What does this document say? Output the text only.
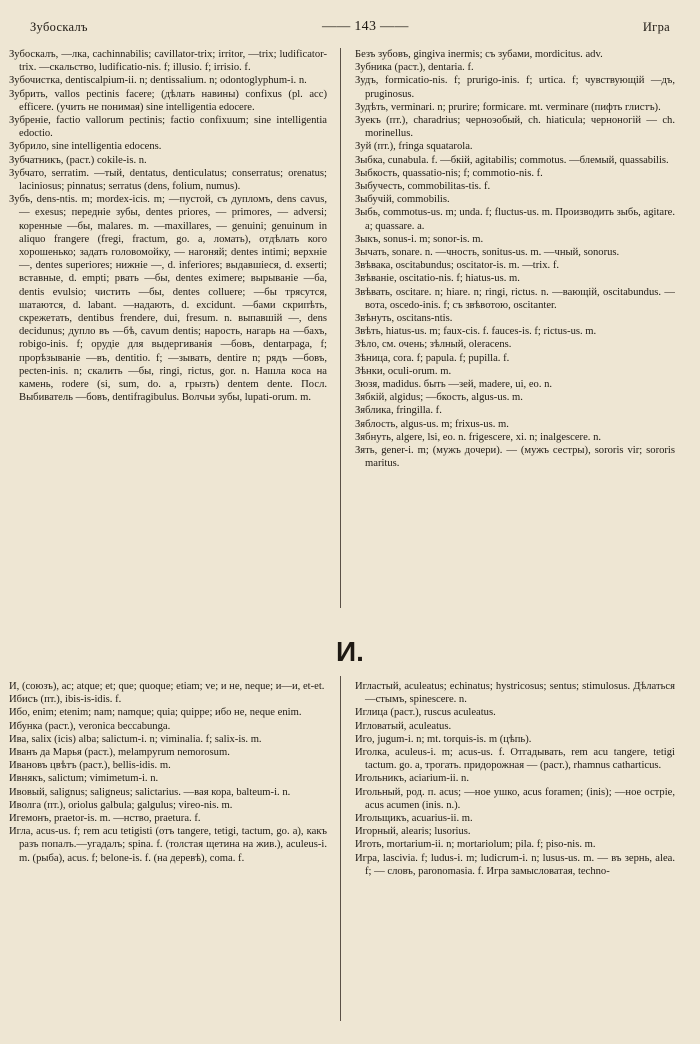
Зубоскалъ	—— 143 ——	Игра

Зубоскалъ, —лка, cachinnabilis; cavillator-trix; irritor, —trix; ludificator-trix. —скальство, ludificatio-nis. f; illusio. f; irrisio. f.

Зубочистка, dentiscalpium-ii. n; dentissalium. n; odontoglyphum-i. n.

Зубрить, vallos pectinis facere; (дѣлать навины) confixus (pl. acc) efficere. (учить не понимая) sine intelligentia edocere.

Зубреніе, factio vallorum pectinis; factio confixuum; sine intelligentia edoctio.

Зубрило, sine intelligentia edocens.

Зубчатникъ, (раст.) cokile-is. n.

Зубчато, serratim. —тый, dentatus, denticulatus; conserratus; orenatus; laciniosus; pinnatus; serratus (dens, folium, numus).

Зубъ, dens-ntis. m; mordex-icis. m; —пустой, съ дупломъ, dens cavus, — exesus; передніе зубы, dentes priores, — primores, — adversi; коренные —бы, malares. m. —maxillares, — genuini; genuinum in aliquo frangere (fregi, fractum, go. a, ломать), отдѣлать кого хорошенько; задать головомойку, — нагоняй; dentes intimi; верхніе —, dentes superiores; нижніе —, d. inferiores; выдавшіеся, d. exserti; вставные, d. empti; рвать —бы, dentes eximere; вырываніе —ба, dentis evulsio; чистить —бы, dentes colluere; —бы трясутся, шатаются, d. labant. —надають, d. excidunt. —бами скрипѣть, скрежетать, dentibus frendere, dui, fresum. n. выпавшій —, dens decidunus; дупло въ —бѣ, cavum dentis; нарость, нагарь на —бахъ, robigo-inis. f; орудіе для выдергиванія —бовъ, dentarpaga, f; прорѣзываніе —въ, dentitio. f; —зывать, dentire n; рядъ —бовъ, pecten-inis. n; скалить —бы, ringi, rictus, gor. n. Нашла коса на камень, rodere (si, sum, do. a, грызть) dentem dente. Посл. Выбиватель —бовъ, dentifragibulus. Волчьи зубы, lupati-orum. m.

Безъ зубовъ, gingiva inermis; съ зубами, mordicitus. adv.

Зубника (раст.), dentaria. f.

Зудъ, formicatio-nis. f; prurigo-inis. f; urtica. f; чувствующій —дъ, pruginosus.

Зудѣть, verminari. n; prurire; formicare. mt. verminare (пифть глистъ).

Зуекъ (пт.), charadrius; черноэобый, ch. hiaticula; черноногій — ch. morinellus.

Зуй (пт.), fringa squatarola.

Зыбка, cunabula. f. —бкій, agitabilis; commotus. —блемый, quassabilis.

Зыбкость, quassatio-nis; f; commotio-nis. f.

Зыбучесть, commobilitas-tis. f.

Зыбучій, commobilis.

Зыбь, commotus-us. m; unda. f; fluctus-us. m. Производить зыбь, agitare. a; quassare. a.

Зыкъ, sonus-i. m; sonor-is. m.

Зычать, sonare. n. —чность, sonitus-us. m. —чный, sonorus.

Звѣвака, oscitabundus; oscitator-is. m. —trix. f.

Звѣваніе, oscitatio-nis. f; hiatus-us. m.

Звѣвать, oscitare. n; hiare. n; ringi, rictus. n. —вающій, oscitabundus. —вота, oscedo-inis. f; съ звѣвотою, oscitanter.

Звѣнуть, oscitans-ntis.

Звѣть, hiatus-us. m; faux-cis. f. fauces-is. f; rictus-us. m.

Зѣло, см. очень; зѣлный, oleracens.

Зѣница, cora. f; papula. f; pupilla. f.

Зѣнки, oculi-orum. m.

Зюзя, madidus. быть —зей, madere, ui, eo. n.

Зябкій, algidus; —бкость, algus-us. m.

Зяблика, fringilla. f.

Зяблость, algus-us. m; frixus-us. m.

Зябнуть, algere, lsi, eo. n. frigescere, xi. n; inalgescere. n.

Зять, gener-i. m; (мужъ дочери). — (мужъ сестры), sororis vir; sororis maritus.

И.

И, (союзъ), ac; atque; et; que; quoque; etiam; ve; и не, neque; и—и, et-et.

Ибисъ (пт.), ibis-is-idis. f.

Ибо, enim; etenim; nam; namque; quia; quippe; ибо не, neque enim.

Ибунка (раст.), veronica beccabunga.

Ива, salix (icis) alba; salictum-i. n; viminalia. f; salix-is. m.

Иванъ да Марья (раст.), melampyrum nemorosum.

Ивановъ цвѣтъ (раст.), bellis-idis. m.

Ивнякъ, salictum; vimimetum-i. n.

Ивовый, salignus; saligneus; salictarius. —вая кора, balteum-i. n.

Иволга (пт.), oriolus galbula; galgulus; vireo-nis. m.

Игемонъ, praetor-is. m. —нство, praetura. f.

Игла, acus-us. f; rem acu tetigisti (отъ tangere, tetigi, tactum, go. a), какъ разъ попалъ.—угадалъ; spina. f. (толстая щетина на жив.), aculeus-i. m. (рыба), acus. f; belone-is. f. (на деревѣ), coma. f.

Игластый, aculeatus; echinatus; hystricosus; sentus; stimulosus. Дѣлаться —стымъ, spinescere. n.

Иглица (раст.), ruscus aculeatus.

Игловатый, aculeatus.

Иго, jugum-i. n; mt. torquis-is. m (цѣпь).

Иголка, aculeus-i. m; acus-us. f. Отгадывать, rem acu tangere, tetigi tactum. go. a, трогать. придорожная — (раст.), rhamnus catharticus.

Игольникъ, aciarium-ii. n.

Игольный, род. п. acus; —ное ушко, acus foramen; (inis); —ное остріе, acus acumen (inis. n.).

Игольщикъ, acuarius-ii. m.

Игорный, alearis; lusorius.

Иготь, mortarium-ii. n; mortariolum; pila. f; piso-nis. m.

Игра, lascivia. f; ludus-i. m; ludicrum-i. n; lusus-us. m. — въ зернь, alea. f; — словъ, paronomasia. f. Игра замысловатая, techno-
